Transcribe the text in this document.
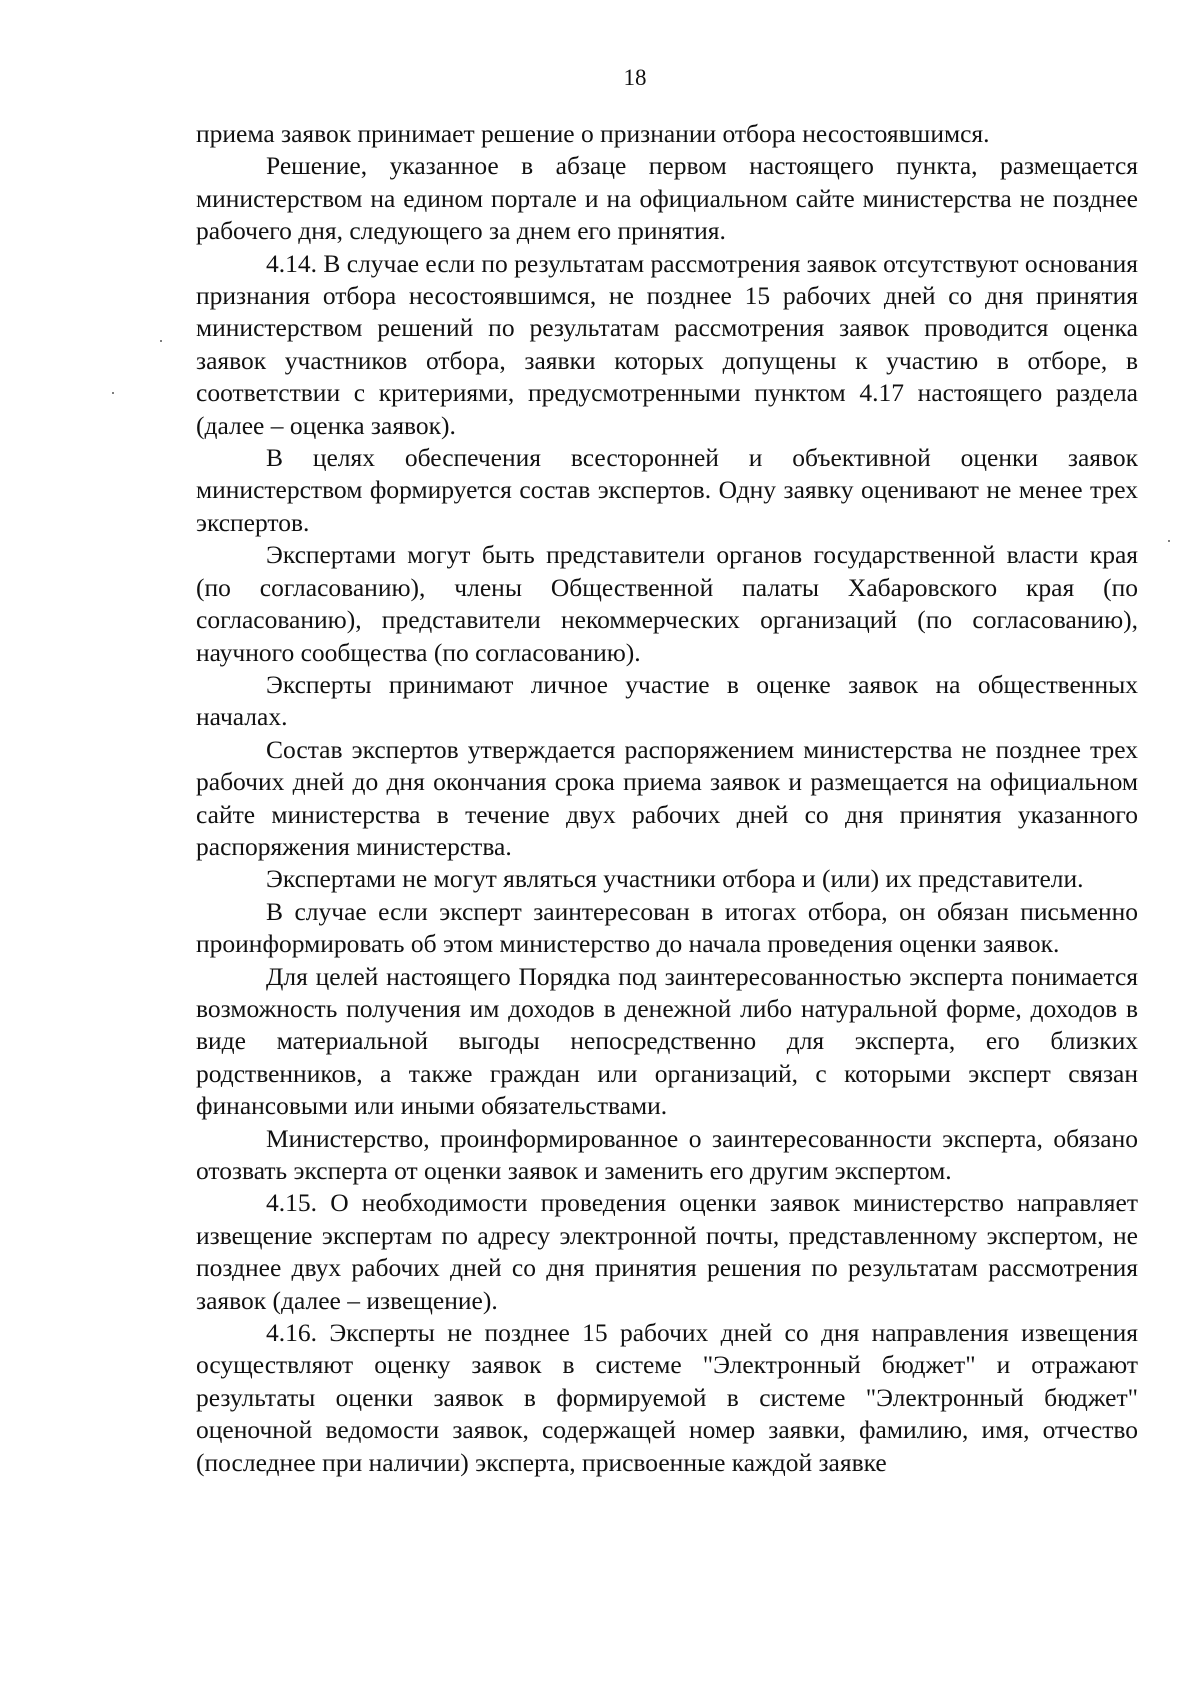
18

приема заявок принимает решение о признании отбора несостоявшимся.

Решение, указанное в абзаце первом настоящего пункта, размещается министерством на едином портале и на официальном сайте министерства не позднее рабочего дня, следующего за днем его принятия.

4.14. В случае если по результатам рассмотрения заявок отсутствуют основания признания отбора несостоявшимся, не позднее 15 рабочих дней со дня принятия министерством решений по результатам рассмотрения заявок проводится оценка заявок участников отбора, заявки которых допущены к участию в отборе, в соответствии с критериями, предусмотренными пунктом 4.17 настоящего раздела (далее – оценка заявок).

В целях обеспечения всесторонней и объективной оценки заявок министерством формируется состав экспертов. Одну заявку оценивают не менее трех экспертов.

Экспертами могут быть представители органов государственной власти края (по согласованию), члены Общественной палаты Хабаровского края (по согласованию), представители некоммерческих организаций (по согласованию), научного сообщества (по согласованию).

Эксперты принимают личное участие в оценке заявок на общественных началах.

Состав экспертов утверждается распоряжением министерства не позднее трех рабочих дней до дня окончания срока приема заявок и размещается на официальном сайте министерства в течение двух рабочих дней со дня принятия указанного распоряжения министерства.

Экспертами не могут являться участники отбора и (или) их представители.

В случае если эксперт заинтересован в итогах отбора, он обязан письменно проинформировать об этом министерство до начала проведения оценки заявок.

Для целей настоящего Порядка под заинтересованностью эксперта понимается возможность получения им доходов в денежной либо натуральной форме, доходов в виде материальной выгоды непосредственно для эксперта, его близких родственников, а также граждан или организаций, с которыми эксперт связан финансовыми или иными обязательствами.

Министерство, проинформированное о заинтересованности эксперта, обязано отозвать эксперта от оценки заявок и заменить его другим экспертом.

4.15. О необходимости проведения оценки заявок министерство направляет извещение экспертам по адресу электронной почты, представленному экспертом, не позднее двух рабочих дней со дня принятия решения по результатам рассмотрения заявок (далее – извещение).

4.16. Эксперты не позднее 15 рабочих дней со дня направления извещения осуществляют оценку заявок в системе "Электронный бюджет" и отражают результаты оценки заявок в формируемой в системе "Электронный бюджет" оценочной ведомости заявок, содержащей номер заявки, фамилию, имя, отчество (последнее при наличии) эксперта, присвоенные каждой заявке
